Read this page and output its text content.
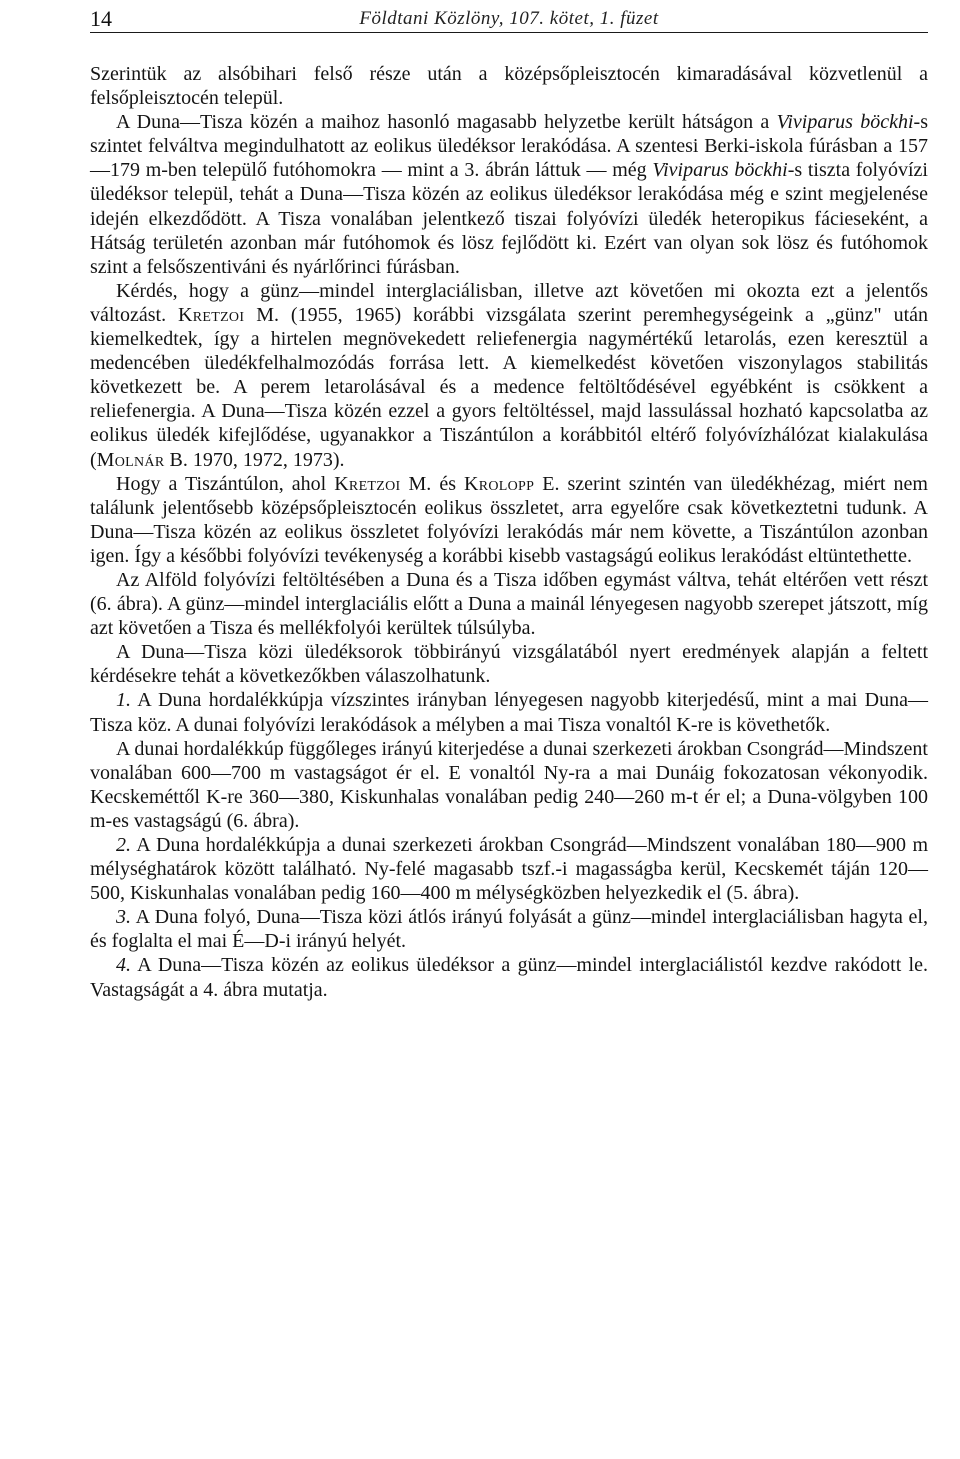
14	Földtani Közlöny, 107. kötet, 1. füzet

Szerintük az alsóbihari felső része után a középsőpleisztocén kimaradásával közvetlenül a felsőpleisztocén települ.

A Duna—Tisza közén a maihoz hasonló magasabb helyzetbe került hátságon a Viviparus böckhi-s szintet felváltva megindulhatott az eolikus üledéksor lerakódása. A szentesi Berki-iskola fúrásban a 157—179 m-ben települő futóhomokra — mint a 3. ábrán láttuk — még Viviparus böckhi-s tiszta folyóvízi üledéksor települ, tehát a Duna—Tisza közén az eolikus üledéksor lerakódása még e szint megjelenése idején elkezdődött. A Tisza vonalában jelentkező tiszai folyóvízi üledék heteropikus fácieseként, a Hátság területén azonban már futóhomok és lösz fejlődött ki. Ezért van olyan sok lösz és futóhomok szint a felsőszentiváni és nyárlőrinci fúrásban.

Kérdés, hogy a günz—mindel interglaciálisban, illetve azt követően mi okozta ezt a jelentős változást. Kretzoi M. (1955, 1965) korábbi vizsgálata szerint peremhegységeink a „günz" után kiemelkedtek, így a hirtelen megnövekedett reliefenergia nagymértékű letarolás, ezen keresztül a medencében üledékfelhalmozódás forrása lett. A kiemelkedést követően viszonylagos stabilitás következett be. A perem letarolásával és a medence feltöltődésével egyébként is csökkent a reliefenergia. A Duna—Tisza közén ezzel a gyors feltöltéssel, majd lassulással hozható kapcsolatba az eolikus üledék kifejlődése, ugyanakkor a Tiszántúlon a korábbitól eltérő folyóvízhálózat kialakulása (Molnár B. 1970, 1972, 1973).

Hogy a Tiszántúlon, ahol Kretzoi M. és Krolopp E. szerint szintén van üledékhézag, miért nem találunk jelentősebb középsőpleisztocén eolikus összletet, arra egyelőre csak következtetni tudunk. A Duna—Tisza közén az eolikus összletet folyóvízi lerakódás már nem követte, a Tiszántúlon azonban igen. Így a későbbi folyóvízi tevékenység a korábbi kisebb vastagságú eolikus lerakódást eltüntethette.

Az Alföld folyóvízi feltöltésében a Duna és a Tisza időben egymást váltva, tehát eltérően vett részt (6. ábra). A günz—mindel interglaciális előtt a Duna a mainál lényegesen nagyobb szerepet játszott, míg azt követően a Tisza és mellékfolyói kerültek túlsúlyba.

A Duna—Tisza közi üledéksorok többirányú vizsgálatából nyert eredmények alapján a feltett kérdésekre tehát a következőkben válaszolhatunk.

1. A Duna hordalékkúpja vízszintes irányban lényegesen nagyobb kiterjedésű, mint a mai Duna—Tisza köz. A dunai folyóvízi lerakódások a mélyben a mai Tisza vonaltól K-re is követhetők.

A dunai hordalékkúp függőleges irányú kiterjedése a dunai szerkezeti árokban Csongrád—Mindszent vonalában 600—700 m vastagságot ér el. E vonaltól Ny-ra a mai Dunáig fokozatosan vékonyodik. Kecskeméttől K-re 360—380, Kiskunhalas vonalában pedig 240—260 m-t ér el; a Duna-völgyben 100 m-es vastagságú (6. ábra).

2. A Duna hordalékkúpja a dunai szerkezeti árokban Csongrád—Mindszent vonalában 180—900 m mélységhatárok között található. Ny-felé magasabb tszf.-i magasságba kerül, Kecskemét táján 120—500, Kiskunhalas vonalában pedig 160—400 m mélységközben helyezkedik el (5. ábra).

3. A Duna folyó, Duna—Tisza közi átlós irányú folyását a günz—mindel interglaciálisban hagyta el, és foglalta el mai É—D-i irányú helyét.

4. A Duna—Tisza közén az eolikus üledéksor a günz—mindel interglaciálistól kezdve rakódott le. Vastagságát a 4. ábra mutatja.
